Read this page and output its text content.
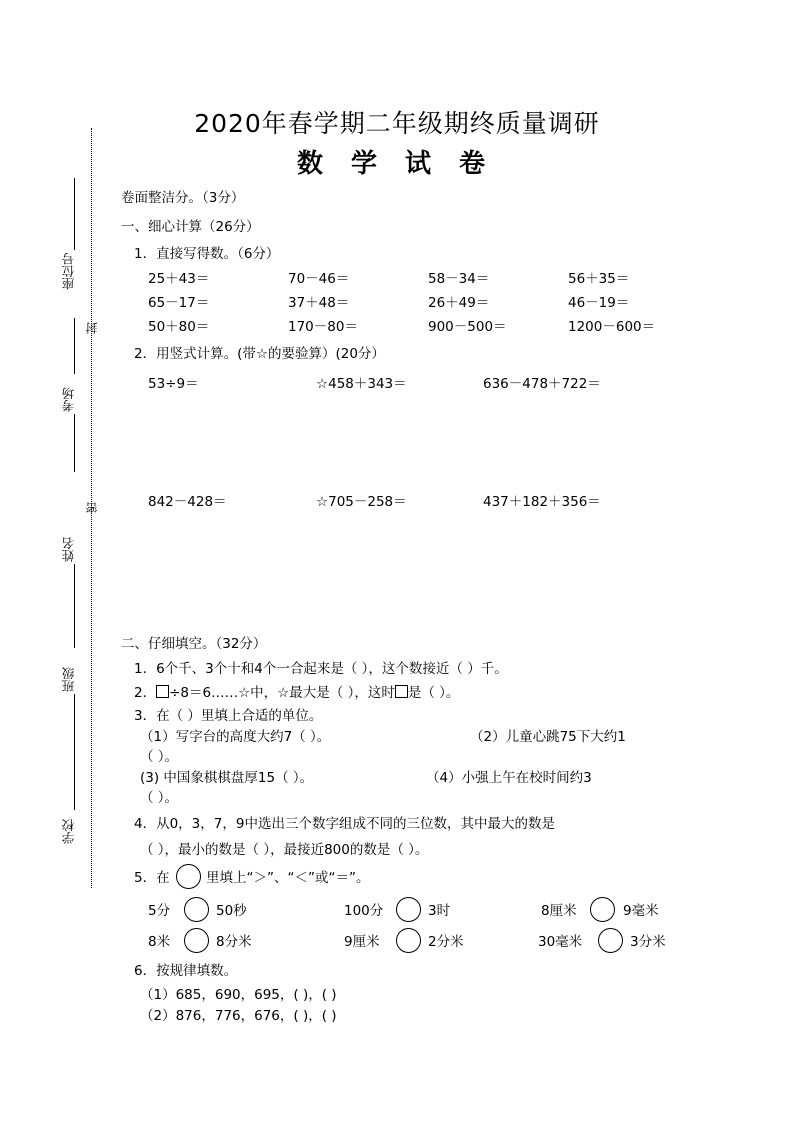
2020年春学期二年级期终质量调研
数 学 试 卷
座位号
考场
姓名
班级
学校
封
密
卷面整洁分。（3分）
一、细心计算（26分）
1．直接写得数。（6分）
25＋43＝	70－46＝	58－34＝	56＋35＝
65－17＝	37＋48＝	26＋49＝	46－19＝
50＋80＝	170－80＝	900－500＝	1200－600＝
2．用竖式计算。(带☆的要验算）(20分）
53÷9＝	☆458＋343＝	636－478＋722＝
842－428＝	☆705－258＝	437＋182＋356＝
二、仔细填空。（32分）
1．6个千、3个十和4个一合起来是（ ），这个数接近（ ）千。
2． ÷8＝6……☆中，☆最大是（ ），这时 是（ ）。
3．在（ ）里填上合适的单位。
（1）写字台的高度大约7（ ）。	（2）儿童心跳75下大约1
（ ）。
(3) 中国象棋棋盘厚15（ ）。	（4）小强上午在校时间约3
（ ）。
4．从0，3，7，9中选出三个数字组成不同的三位数，其中最大的数是
（ ），最小的数是（ ），最接近800的数是（ ）。
5．在	里填上“＞”、“＜”或“＝”。
5分	50秒	100分	3时	8厘米	9毫米
8米	8分米	9厘米	2分米	30毫米	3分米
6．按规律填数。
（1）685，690，695，( )，( )
（2）876，776，676，( )，( )
